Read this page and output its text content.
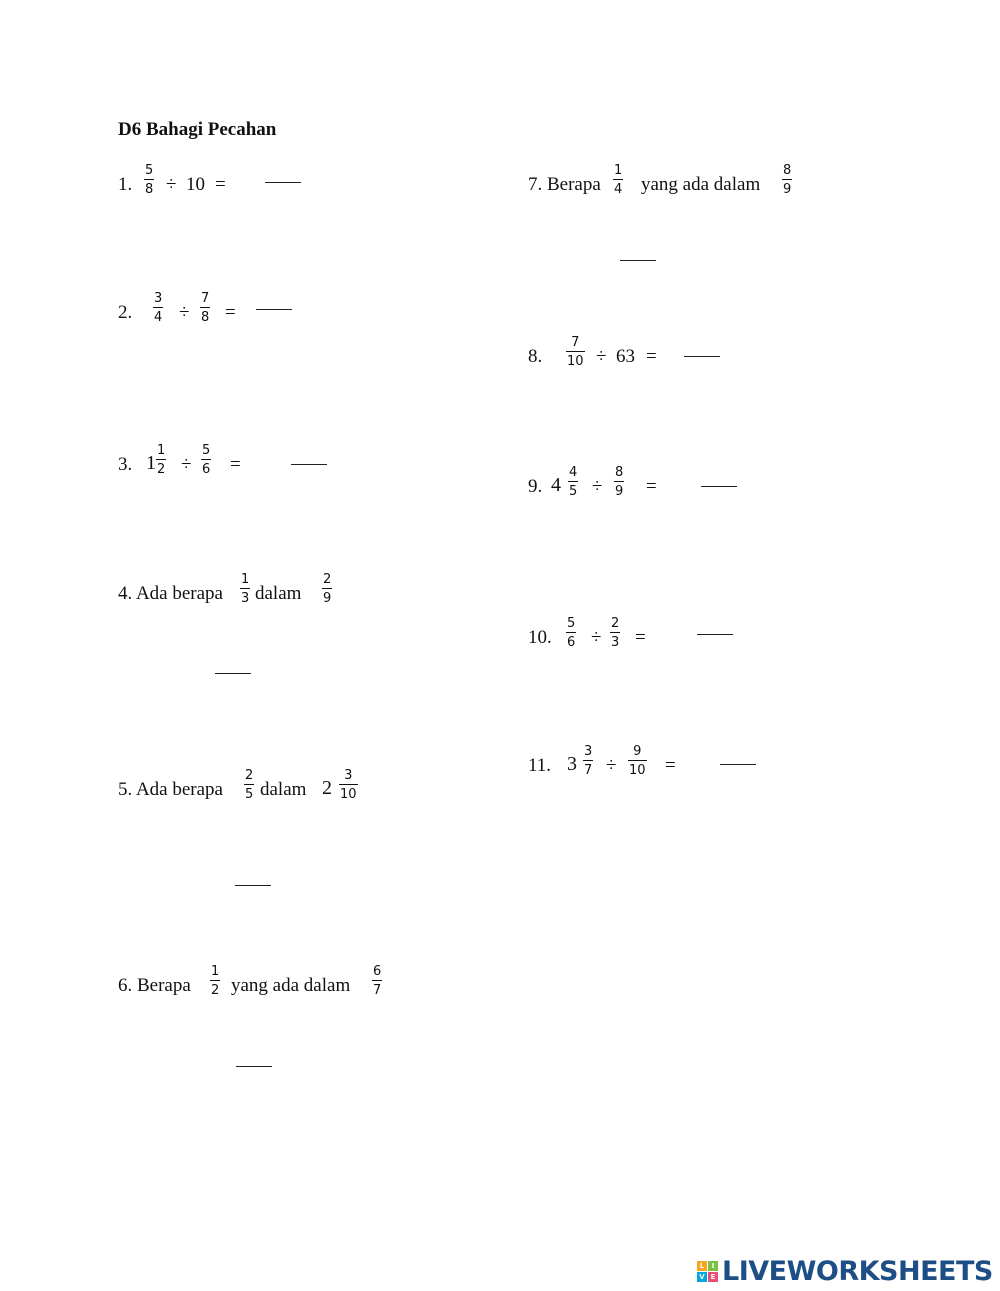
D6 Bahagi Pecahan
1.
5
8 ÷ 10 =
2.
3
4 ÷
7
8 =
3. 1
1
2 ÷
5
6 =
4. Ada berapa
1
3 dalam
2
9
5. Ada berapa
2
5 dalam 2
3
10
6. Berapa
1
2 yang ada dalam
6
7
7. Berapa
1
4 yang ada dalam
8
9
8.
7
10 ÷ 63 =
9. 4
4
5 ÷
8
9 =
10.
5
6 ÷
2
3 =
11. 3
3
7 ÷
9
10 =
L	I
V E LIVEWORKSHEETS
